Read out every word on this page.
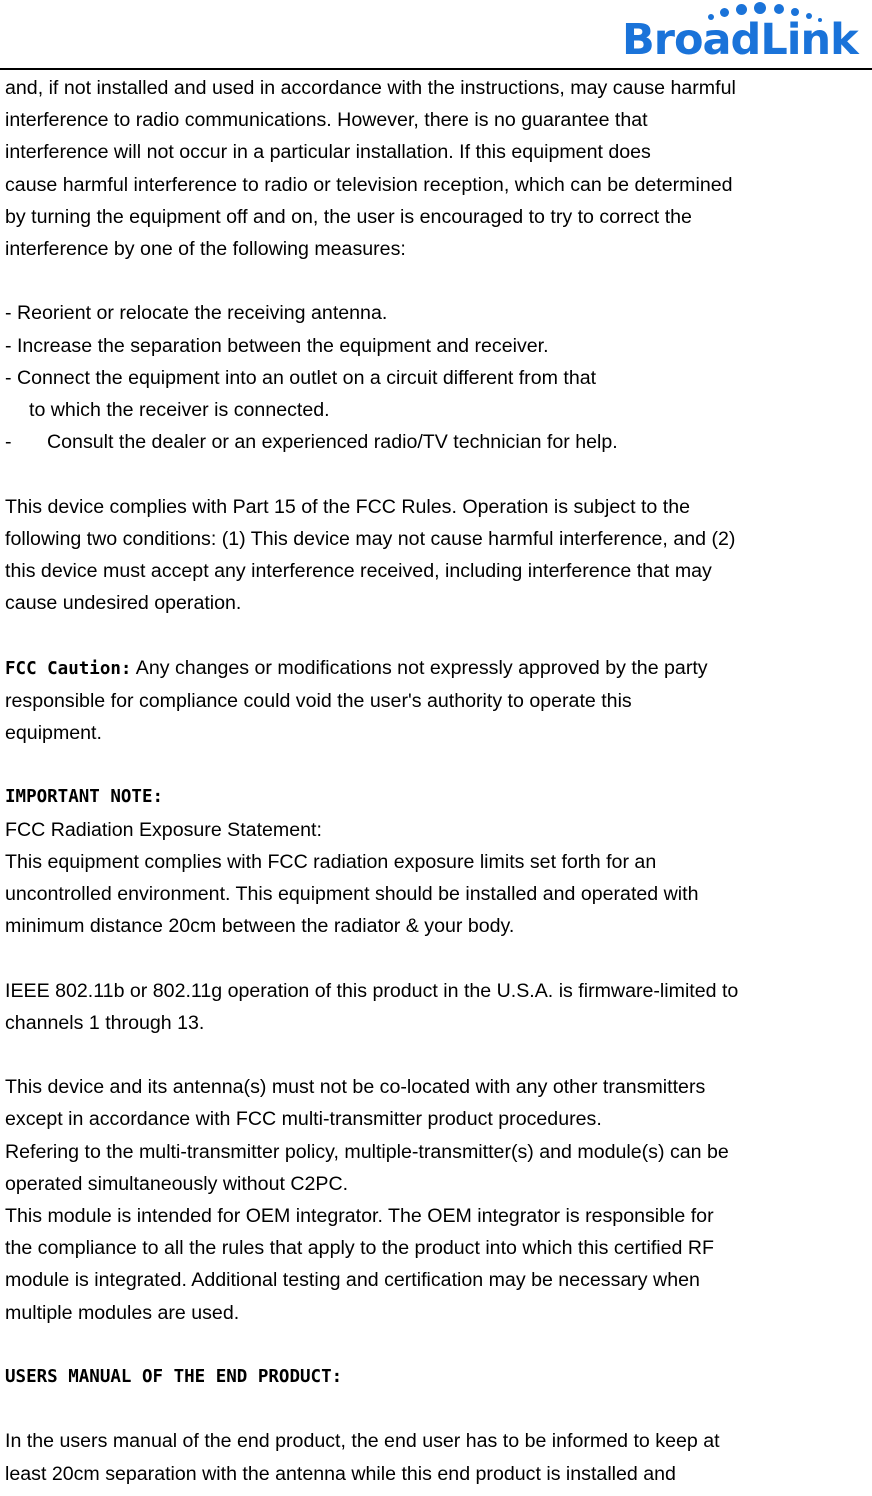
BroadLink

and, if not installed and used in accordance with the instructions, may cause harmful

interference to radio communications. However, there is no guarantee that

interference will not occur in a particular installation. If this equipment does

cause harmful interference to radio or television reception, which can be determined

by turning the equipment off and on, the user is encouraged to try to correct the

interference by one of the following measures:

- Reorient or relocate the receiving antenna.

- Increase the separation between the equipment and receiver.

- Connect the equipment into an outlet on a circuit different from that

to which the receiver is connected.

-	Consult the dealer or an experienced radio/TV technician for help.

This device complies with Part 15 of the FCC Rules. Operation is subject to the

following two conditions: (1) This device may not cause harmful interference, and (2)

this device must accept any interference received, including interference that may

cause undesired operation.

FCC Caution: Any changes or modifications not expressly approved by the party

responsible for compliance could void the user's authority to operate this

equipment.

IMPORTANT NOTE:

FCC Radiation Exposure Statement:

This equipment complies with FCC radiation exposure limits set forth for an

uncontrolled environment. This equipment should be installed and operated with

minimum distance 20cm between the radiator & your body.

IEEE 802.11b or 802.11g operation of this product in the U.S.A. is firmware-limited to

channels 1 through 13.

This device and its antenna(s) must not be co-located with any other transmitters

except in accordance with FCC multi-transmitter product procedures.

Refering to the multi-transmitter policy, multiple-transmitter(s) and module(s) can be

operated simultaneously without C2PC.

This module is intended for OEM integrator. The OEM integrator is responsible for

the compliance to all the rules that apply to the product into which this certified RF

module is integrated. Additional testing and certification may be necessary when

multiple modules are used.

USERS MANUAL OF THE END PRODUCT:

In the users manual of the end product, the end user has to be informed to keep at

least 20cm separation with the antenna while this end product is installed and
